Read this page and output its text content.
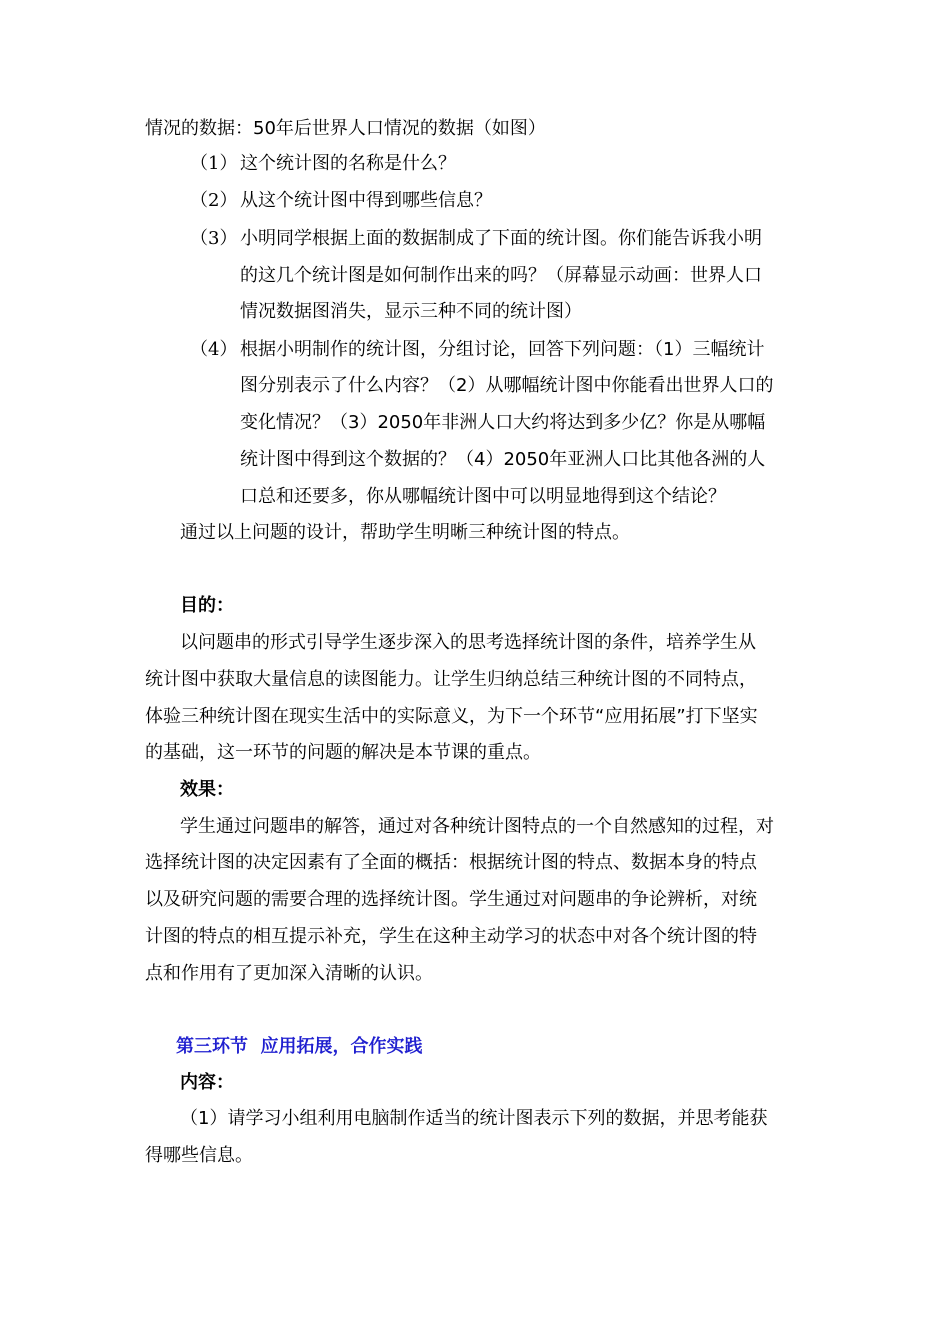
情况的数据：50年后世界人口情况的数据（如图）
（1） 这个统计图的名称是什么？
（2） 从这个统计图中得到哪些信息？
（3） 小明同学根据上面的数据制成了下面的统计图。你们能告诉我小明
的这几个统计图是如何制作出来的吗？（屏幕显示动画：世界人口
情况数据图消失，显示三种不同的统计图）
（4） 根据小明制作的统计图，分组讨论，回答下列问题：（1）三幅统计
图分别表示了什么内容？（2）从哪幅统计图中你能看出世界人口的
变化情况？（3）2050年非洲人口大约将达到多少亿？你是从哪幅
统计图中得到这个数据的？（4）2050年亚洲人口比其他各洲的人
口总和还要多，你从哪幅统计图中可以明显地得到这个结论？
通过以上问题的设计，帮助学生明晰三种统计图的特点。
目的：
以问题串的形式引导学生逐步深入的思考选择统计图的条件，培养学生从
统计图中获取大量信息的读图能力。让学生归纳总结三种统计图的不同特点，
体验三种统计图在现实生活中的实际意义，为下一个环节“应用拓展”打下坚实
的基础，这一环节的问题的解决是本节课的重点。
效果：
学生通过问题串的解答，通过对各种统计图特点的一个自然感知的过程，对
选择统计图的决定因素有了全面的概括：根据统计图的特点、数据本身的特点
以及研究问题的需要合理的选择统计图。学生通过对问题串的争论辨析，对统
计图的特点的相互提示补充，学生在这种主动学习的状态中对各个统计图的特
点和作用有了更加深入清晰的认识。
第三环节  应用拓展，合作实践
内容：
（1）请学习小组利用电脑制作适当的统计图表示下列的数据，并思考能获
得哪些信息。
